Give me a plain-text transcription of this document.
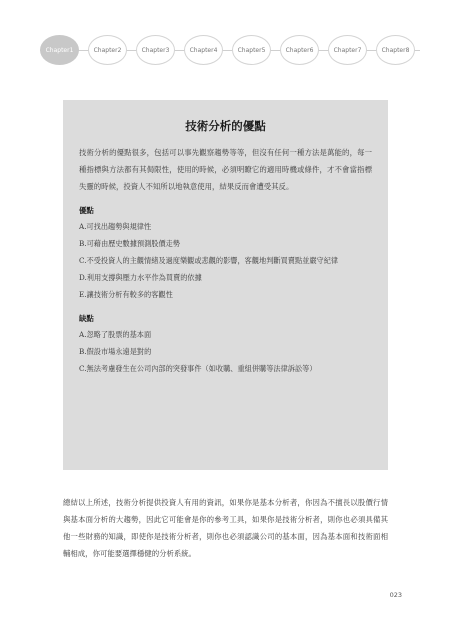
Chapter1	Chapter2	Chapter3	Chapter4	Chapter5	Chapter6	Chapter7	Chapter8
技術分析的優點

技術分析的優點很多，包括可以事先觀察趨勢等等，但沒有任何一種方法是萬能的，每一種指標與方法都有其侷限性，使用的時候，必須明瞭它的適用時機或條件，才不會當指標失靈的時候，投資人不知所以地執意使用，結果反而會遭受其反。

優點
A.可找出趨勢與規律性
B.可藉由歷史數據預測股價走勢
C.不受投資人的主觀情緒及過度樂觀或悲觀的影響，客觀地判斷買賣點並嚴守紀律
D.利用支撐與壓力水平作為買賣的依據
E.讓技術分析有較多的客觀性
缺點
A.忽略了股票的基本面
B.假設市場永遠是對的
C.無法考慮發生在公司內部的突發事件（如收購、重組併購等法律訴訟等）

總結以上所述，技術分析提供投資人有用的資訊，如果你是基本分析者，你因為不擅長以股價行情與基本面分析的大趨勢，因此它可能會是你的參考工具，如果你是技術分析者，則你也必須具備其他一些財務的知識，即使你是技術分析者，則你也必須認識公司的基本面，因為基本面和技術面相輔相成，你可能要選擇穩健的分析系統。

023
